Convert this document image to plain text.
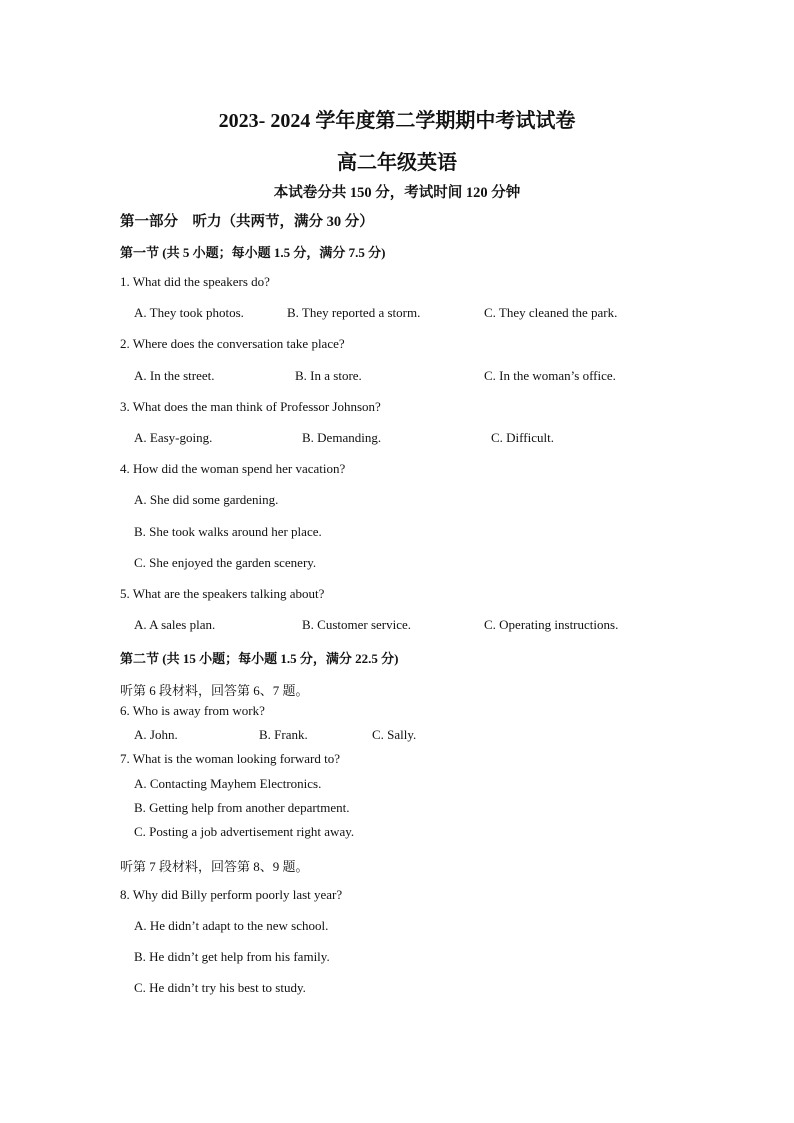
2023- 2024 学年度第二学期期中考试试卷
高二年级英语
本试卷分共 150 分，考试时间 120 分钟
第一部分　听力（共两节，满分 30 分）
第一节 (共 5 小题；每小题 1.5 分，满分 7.5 分)
1. What did the speakers do?
A. They took photos.	B. They reported a storm.	C. They cleaned the park.
2. Where does the conversation take place?
A. In the street.	B. In a store.	C. In the woman’s office.
3. What does the man think of Professor Johnson?
A. Easy-going.	B. Demanding.	C. Difficult.
4. How did the woman spend her vacation?
A. She did some gardening.
B. She took walks around her place.
C. She enjoyed the garden scenery.
5. What are the speakers talking about?
A. A sales plan.	B. Customer service.	C. Operating instructions.
第二节 (共 15 小题；每小题 1.5 分，满分 22.5 分)
听第 6 段材料，回答第 6、7 题。
6. Who is away from work?
A. John.	B. Frank.	C. Sally.
7. What is the woman looking forward to?
A. Contacting Mayhem Electronics.
B. Getting help from another department.
C. Posting a job advertisement right away.
听第 7 段材料，回答第 8、9 题。
8. Why did Billy perform poorly last year?
A. He didn’t adapt to the new school.
B. He didn’t get help from his family.
C. He didn’t try his best to study.
